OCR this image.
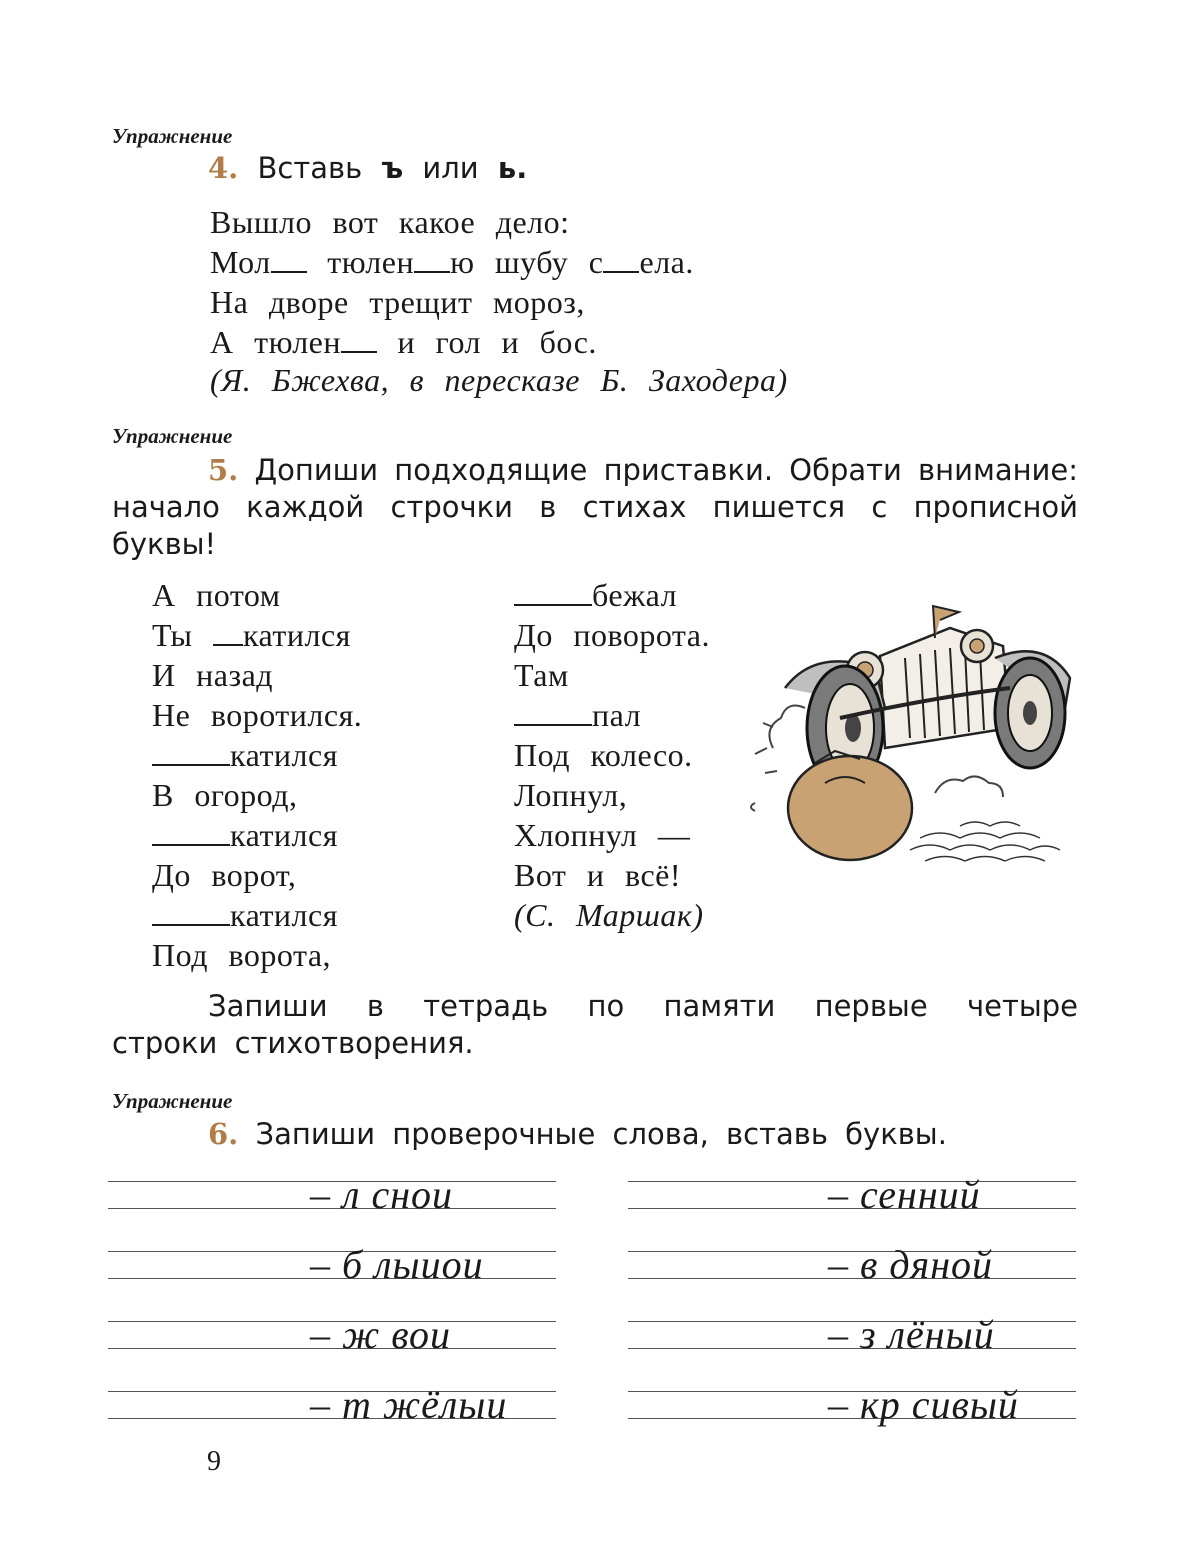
Упражнение
4. Вставь ъ или ь.
Вышло вот какое дело:
Мол тюлен ю шубу с ела.
На дворе трещит мороз,
А тюлен и гол и бос.
(Я. Бжехва, в пересказе Б. Заходера)
Упражнение
5. Допиши подходящие приставки. Обрати внимание: начало каждой строчки в стихах пишется с прописной буквы!
А потом
Ты катился
И назад
Не воротился.
катился
В огород,
катился
До ворот,
катился
Под ворота,
бежал
До поворота.
Там
пал
Под колесо.
Лопнул,
Хлопнул —
Вот и всё!
(С. Маршак)
Запиши в тетрадь по памяти первые четыре
строки стихотворения.
Упражнение
6. Запиши проверочные слова, вставь буквы.
– л снои
– б лыиои
– ж вои
– т жёлыи
– сенний
– в дяной
– з лёный
– кр сивый
9
